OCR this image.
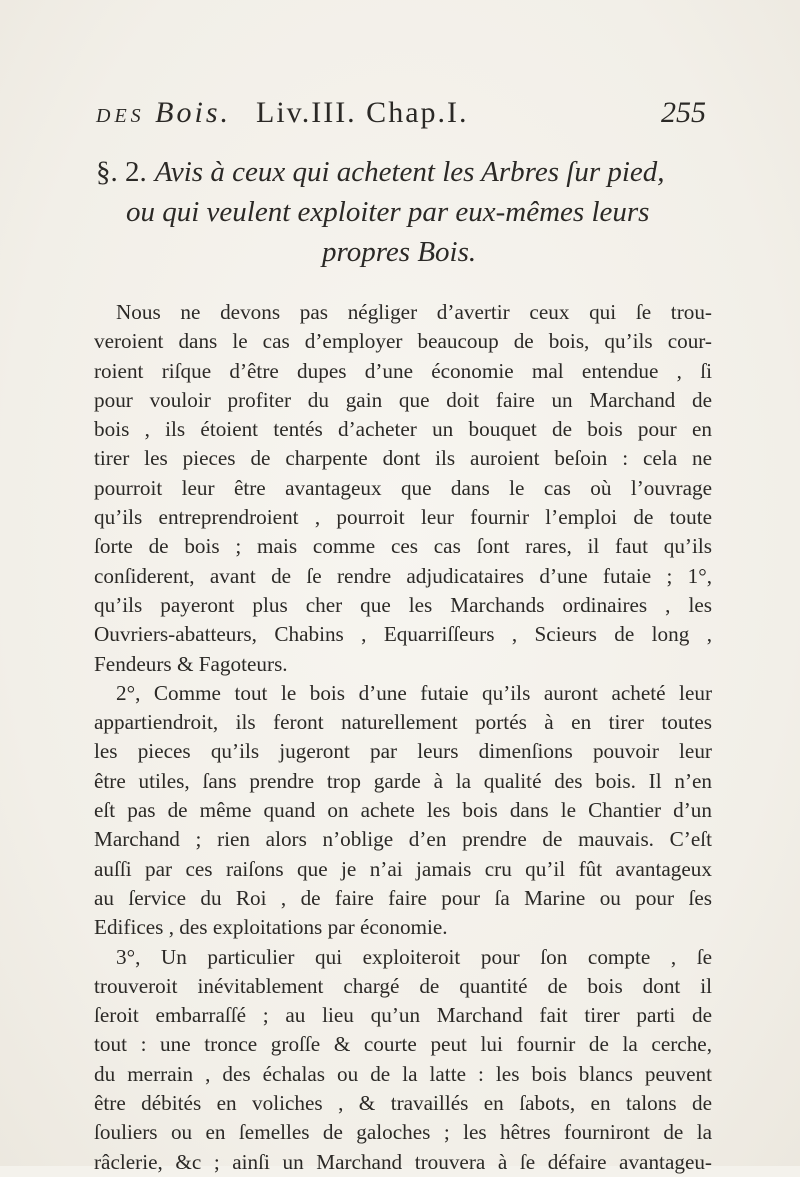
DES Bois. Liv.III. Chap.I.	255
§. 2. Avis à ceux qui achetent les Arbres ſur pied,
ou qui veulent exploiter par eux-mêmes leurs
propres Bois.
Nous ne devons pas négliger d’avertir ceux qui ſe trou-
veroient dans le cas d’employer beaucoup de bois, qu’ils cour-
roient riſque d’être dupes d’une économie mal entendue , ſi
pour vouloir profiter du gain que doit faire un Marchand de
bois , ils étoient tentés d’acheter un bouquet de bois pour en
tirer les pieces de charpente dont ils auroient beſoin : cela ne
pourroit leur être avantageux que dans le cas où l’ouvrage
qu’ils entreprendroient , pourroit leur fournir l’emploi de toute
ſorte de bois ; mais comme ces cas ſont rares, il faut qu’ils
conſiderent, avant de ſe rendre adjudicataires d’une futaie ; 1°,
qu’ils payeront plus cher que les Marchands ordinaires , les
Ouvriers-abatteurs, Chabins , Equarriſſeurs , Scieurs de long ,
Fendeurs & Fagoteurs.
2°, Comme tout le bois d’une futaie qu’ils auront acheté leur
appartiendroit, ils feront naturellement portés à en tirer toutes
les pieces qu’ils jugeront par leurs dimenſions pouvoir leur
être utiles, ſans prendre trop garde à la qualité des bois. Il n’en
eſt pas de même quand on achete les bois dans le Chantier d’un
Marchand ; rien alors n’oblige d’en prendre de mauvais. C’eſt
auſſi par ces raiſons que je n’ai jamais cru qu’il fût avantageux
au ſervice du Roi , de faire faire pour ſa Marine ou pour ſes
Edifices , des exploitations par économie.
3°, Un particulier qui exploiteroit pour ſon compte , ſe
trouveroit inévitablement chargé de quantité de bois dont il
ſeroit embarraſſé ; au lieu qu’un Marchand fait tirer parti de
tout : une tronce groſſe & courte peut lui fournir de la cerche,
du merrain , des échalas ou de la latte : les bois blancs peuvent
être débités en voliches , & travaillés en ſabots, en talons de
ſouliers ou en ſemelles de galoches ; les hêtres fourniront de la
râclerie, &c ; ainſi un Marchand trouvera à ſe défaire avantageu-
